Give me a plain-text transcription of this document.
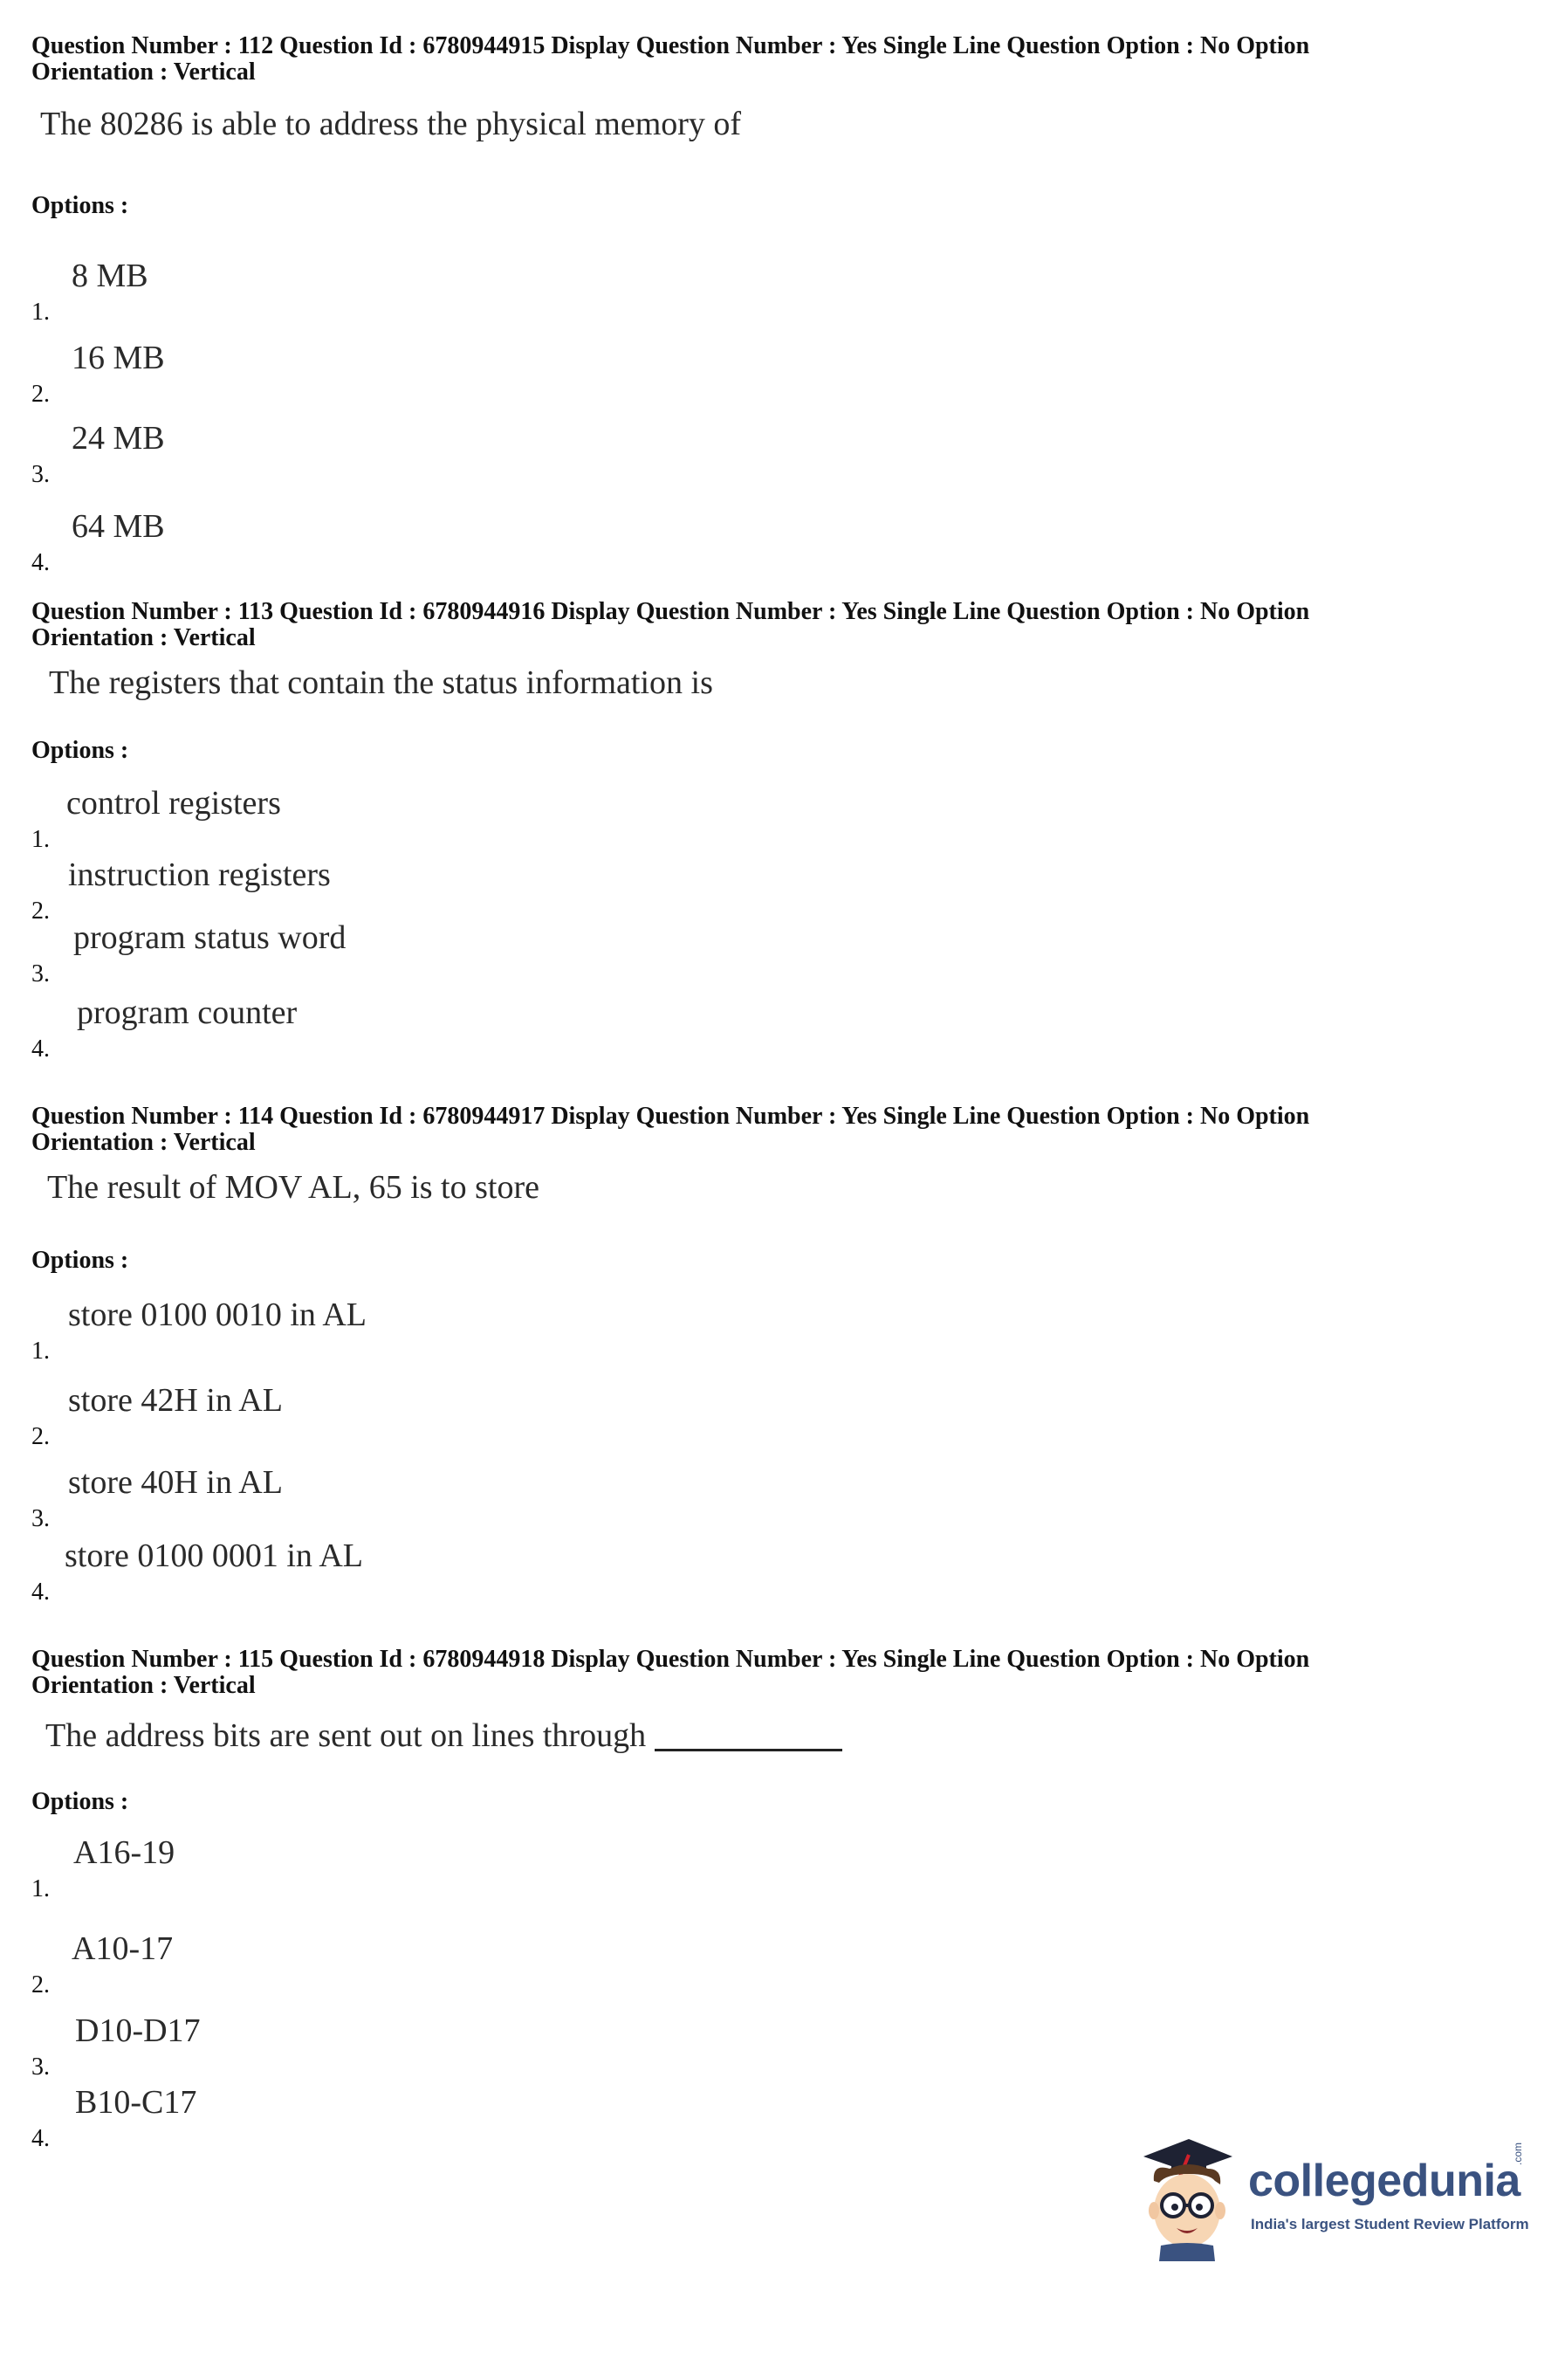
Question Number : 112 Question Id : 6780944915 Display Question Number : Yes Single Line Question Option : No Option

Orientation : Vertical

The 80286 is able to address the physical memory of
Options :
1.
8 MB
2.
16 MB
3.
24 MB
4.
64 MB

Question Number : 113 Question Id : 6780944916 Display Question Number : Yes Single Line Question Option : No Option

Orientation : Vertical

The registers that contain the status information is
Options :
1.
control registers
2.
instruction registers
3.
program status word
4.
program counter

Question Number : 114 Question Id : 6780944917 Display Question Number : Yes Single Line Question Option : No Option

Orientation : Vertical

The result of MOV AL, 65 is to store
Options :
1.
store 0100 0010 in AL
2.
store 42H in AL
3.
store 40H in AL
4.
store 0100 0001 in AL

Question Number : 115 Question Id : 6780944918 Display Question Number : Yes Single Line Question Option : No Option

Orientation : Vertical

The address bits are sent out on lines through
Options :
1.
A16-19
2.
A10-17
3.
D10-D17
4.
B10-C17
collegedunia
.com
India's largest Student Review Platform
